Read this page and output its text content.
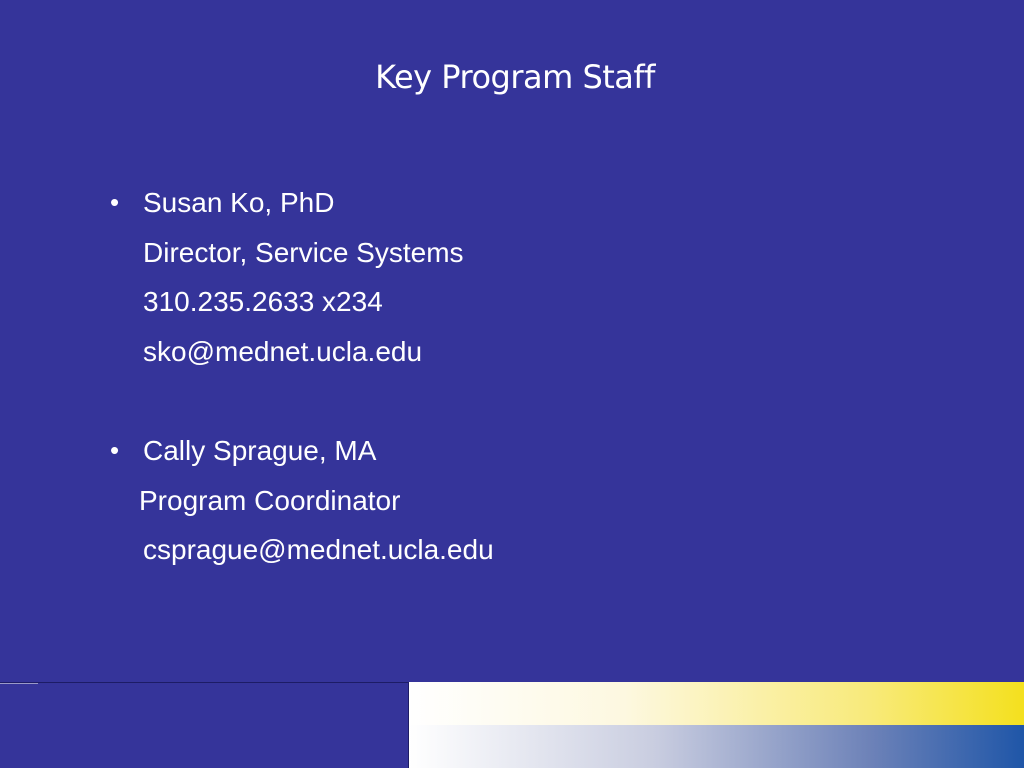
Key Program Staff
• Susan Ko, PhD
Director, Service Systems
310.235.2633 x234
sko@mednet.ucla.edu
• Cally Sprague, MA
Program Coordinator
csprague@mednet.ucla.edu
